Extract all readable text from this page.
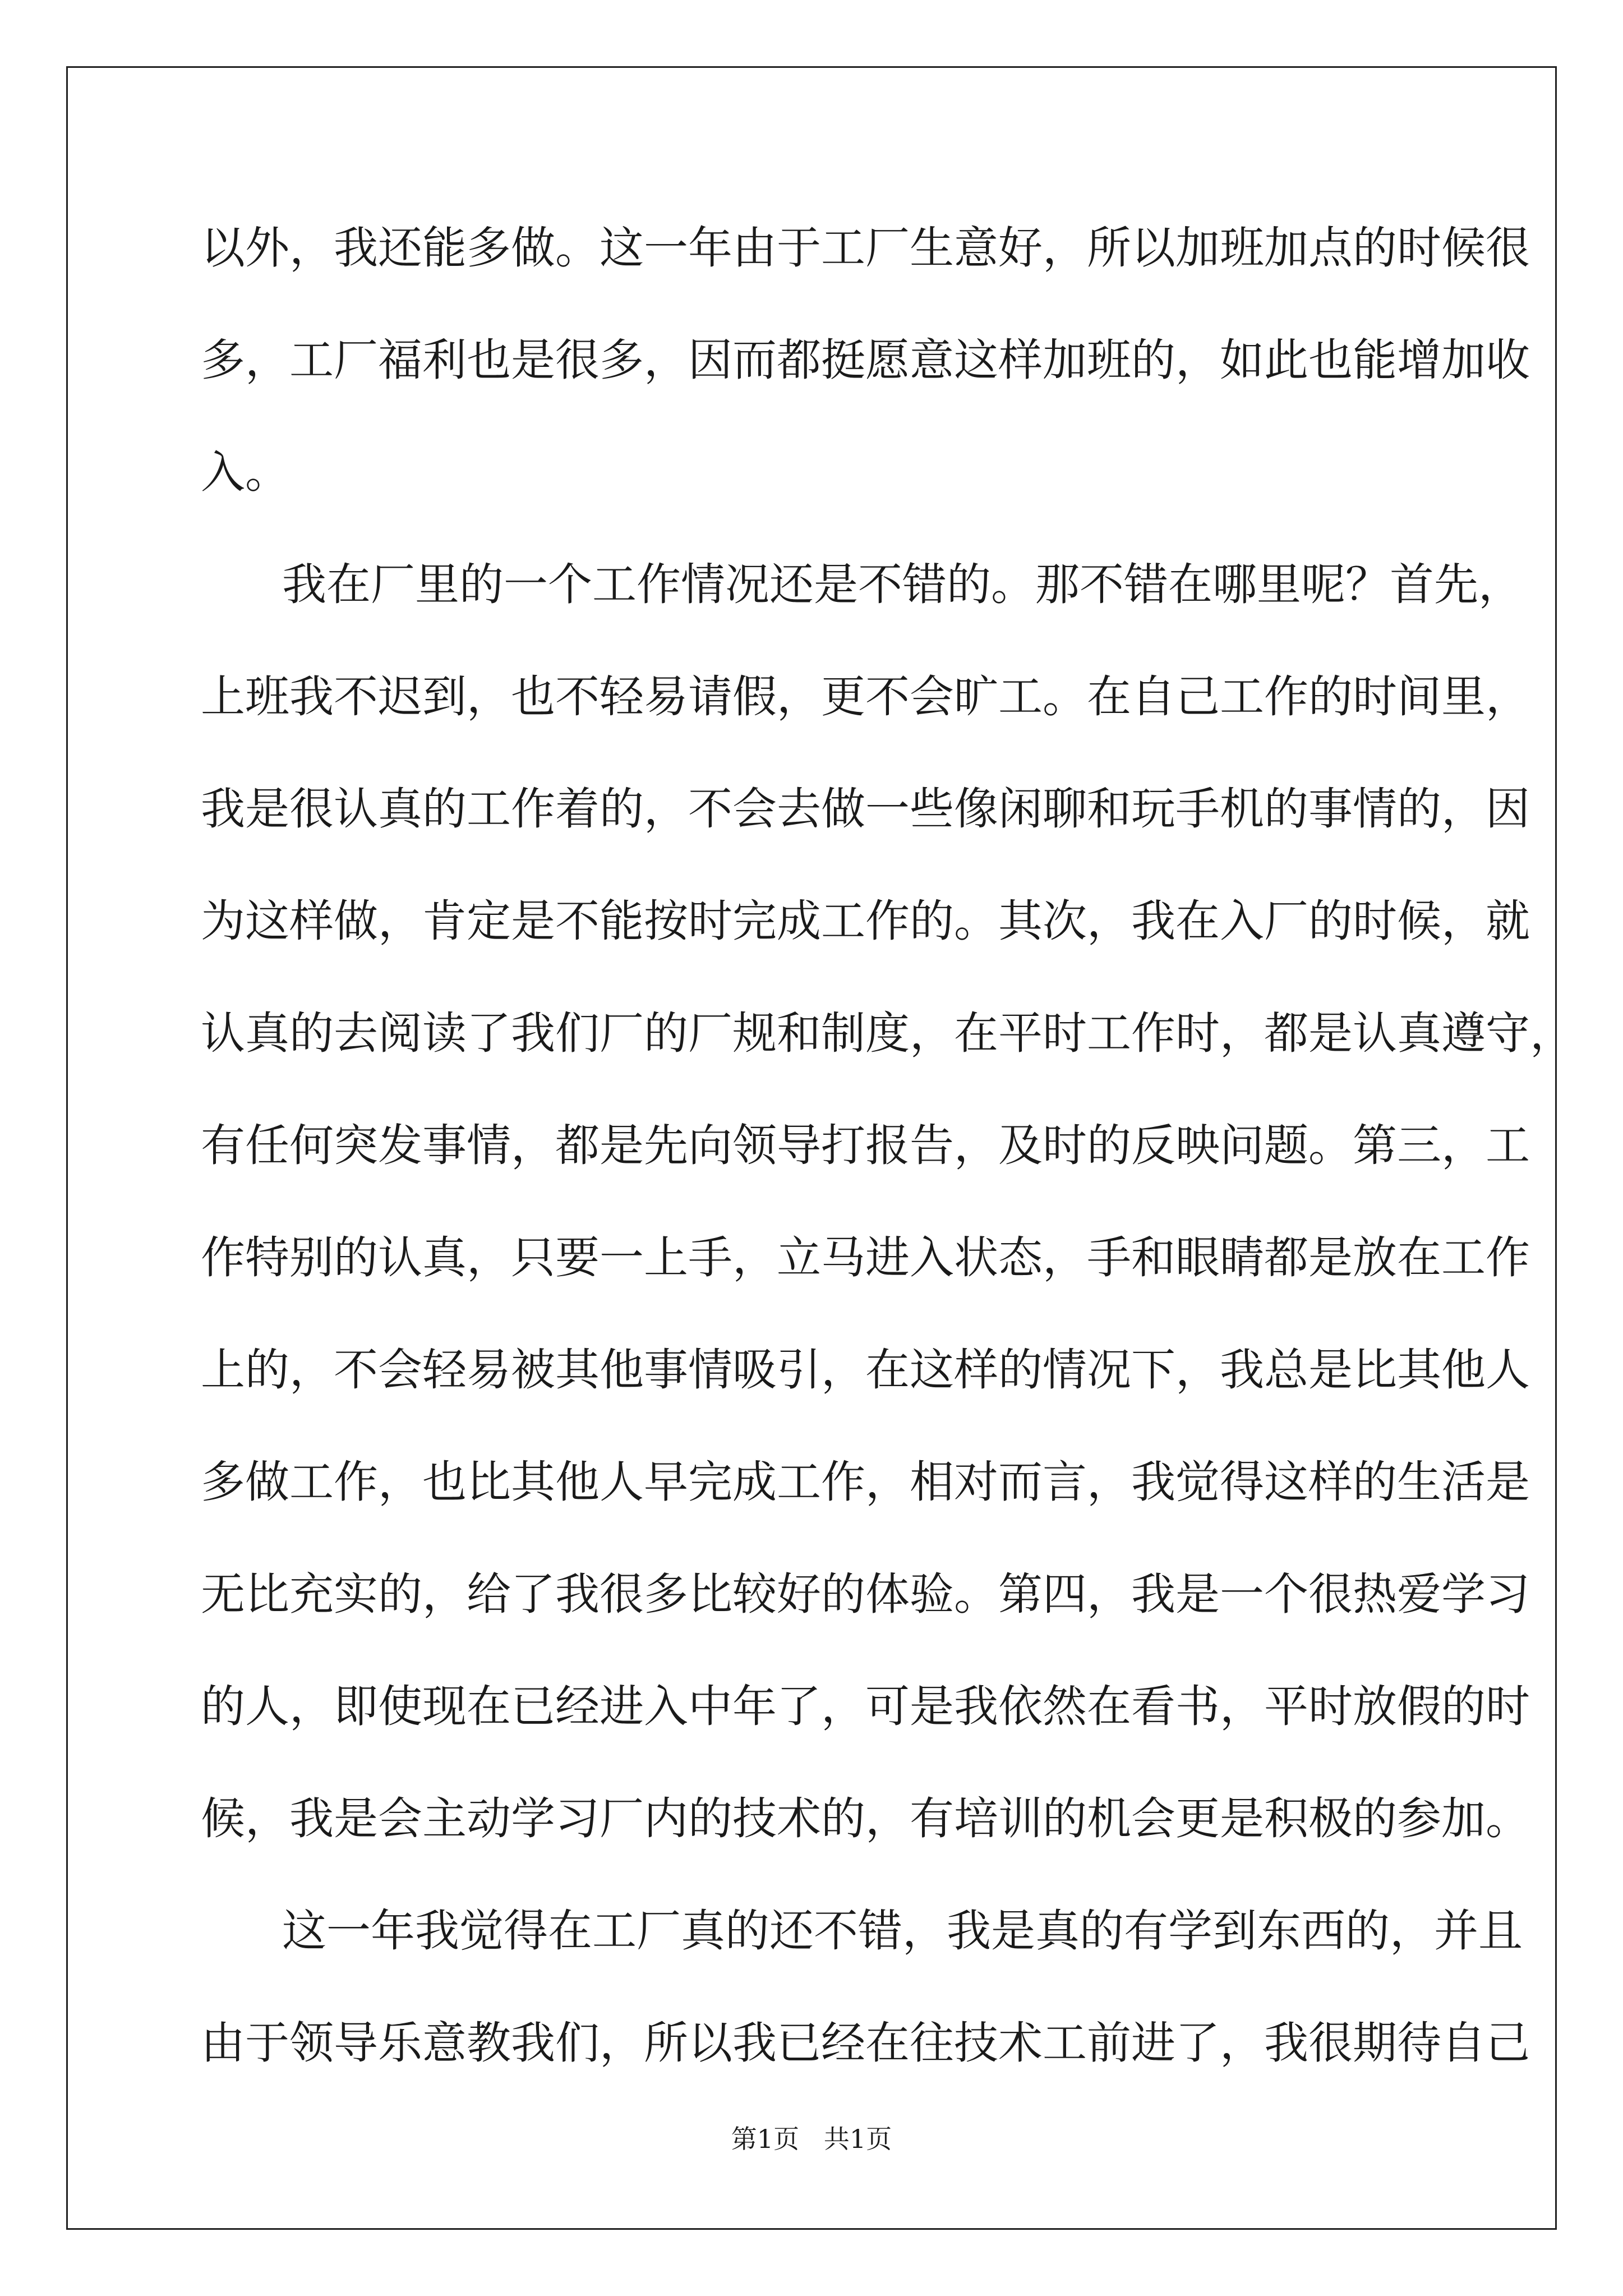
以外，我还能多做。这一年由于工厂生意好，所以加班加点的时候很
多，工厂福利也是很多，因而都挺愿意这样加班的，如此也能增加收
入。
我在厂里的一个工作情况还是不错的。那不错在哪里呢？首先，
上班我不迟到，也不轻易请假，更不会旷工。在自己工作的时间里，
我是很认真的工作着的，不会去做一些像闲聊和玩手机的事情的，因
为这样做，肯定是不能按时完成工作的。其次，我在入厂的时候，就
认真的去阅读了我们厂的厂规和制度，在平时工作时，都是认真遵守，
有任何突发事情，都是先向领导打报告，及时的反映问题。第三，工
作特别的认真，只要一上手，立马进入状态，手和眼睛都是放在工作
上的，不会轻易被其他事情吸引，在这样的情况下，我总是比其他人
多做工作，也比其他人早完成工作，相对而言，我觉得这样的生活是
无比充实的，给了我很多比较好的体验。第四，我是一个很热爱学习
的人，即使现在已经进入中年了，可是我依然在看书，平时放假的时
候，我是会主动学习厂内的技术的，有培训的机会更是积极的参加。
这一年我觉得在工厂真的还不错，我是真的有学到东西的，并且
由于领导乐意教我们，所以我已经在往技术工前进了，我很期待自己
第1页   共1页
